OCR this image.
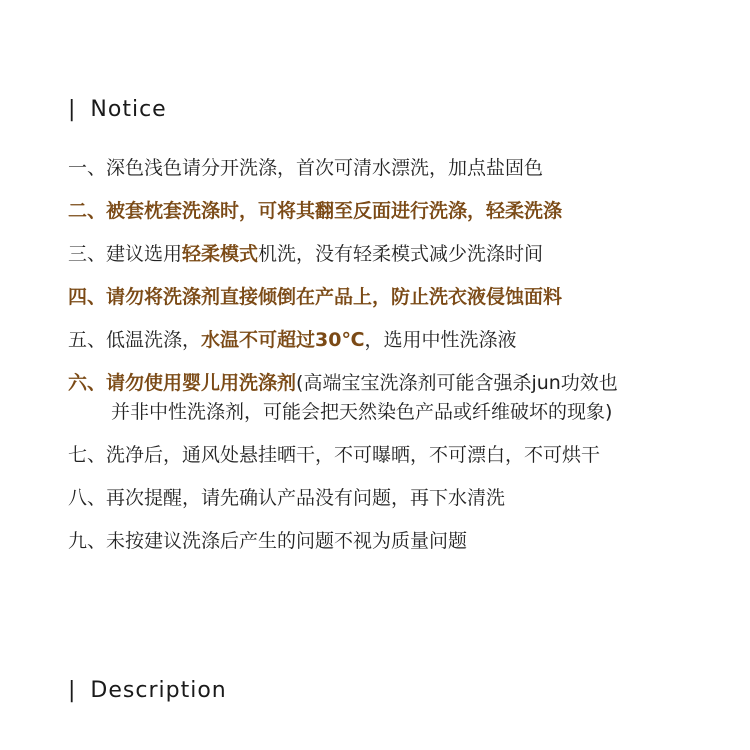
| Notice
一、深色浅色请分开洗涤，首次可清水漂洗，加点盐固色
二、被套枕套洗涤时，可将其翻至反面进行洗涤，轻柔洗涤
三、建议选用轻柔模式机洗，没有轻柔模式减少洗涤时间
四、请勿将洗涤剂直接倾倒在产品上，防止洗衣液侵蚀面料
五、低温洗涤，水温不可超过30℃，选用中性洗涤液
六、请勿使用婴儿用洗涤剂(高端宝宝洗涤剂可能含强杀jun功效也
并非中性洗涤剂，可能会把天然染色产品或纤维破坏的现象)
七、洗净后，通风处悬挂晒干，不可曝晒，不可漂白，不可烘干
八、再次提醒，请先确认产品没有问题，再下水清洗
九、未按建议洗涤后产生的问题不视为质量问题
| Description
